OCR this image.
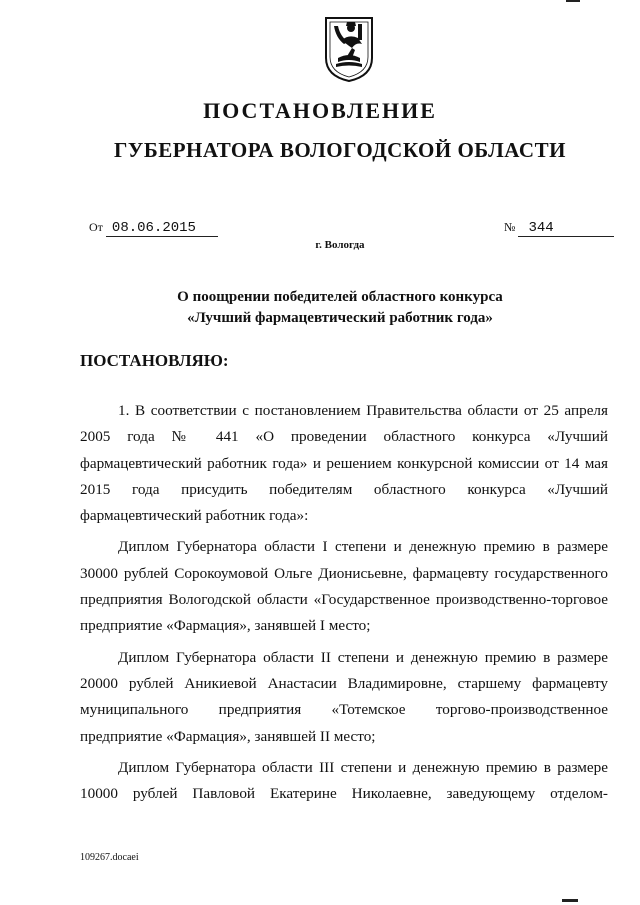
ПОСТАНОВЛЕНИЕ
ГУБЕРНАТОРА ВОЛОГОДСКОЙ ОБЛАСТИ
От 08.06.2015	№ 344
г. Вологда
О поощрении победителей областного конкурса
«Лучший фармацевтический работник года»
ПОСТАНОВЛЯЮ:

1. В соответствии с постановлением Правительства области от 25 апреля 2005 года № 441 «О проведении областного конкурса «Лучший фармацевтический работник года» и решением конкурсной комиссии от 14 мая 2015 года присудить победителям областного конкурса «Лучший фармацевтический работник года»:

Диплом Губернатора области I степени и денежную премию в размере 30000 рублей Сорокоумовой Ольге Дионисьевне, фармацевту государственного предприятия Вологодской области «Государственное производственно-торговое предприятие «Фармация», занявшей I место;

Диплом Губернатора области II степени и денежную премию в размере 20000 рублей Аникиевой Анастасии Владимировне, старшему фармацевту муниципального предприятия «Тотемское торгово-производственное предприятие «Фармация», занявшей II место;

Диплом Губернатора области III степени и денежную премию в размере 10000 рублей Павловой Екатерине Николаевне, заведующему отделом-

109267.docaei
